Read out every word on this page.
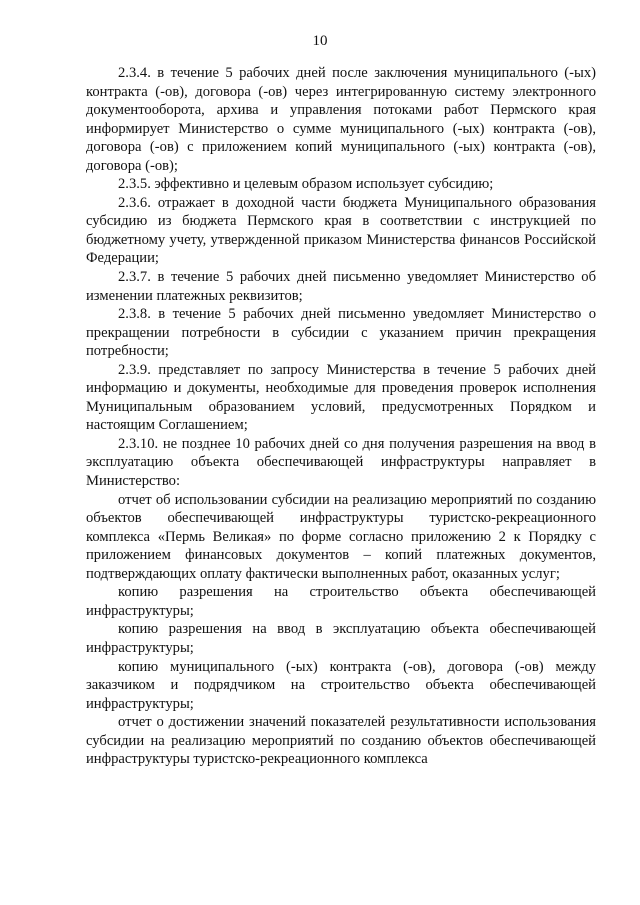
10

2.3.4. в течение 5 рабочих дней после заключения муниципального (-ых) контракта (-ов), договора (-ов) через интегрированную систему электронного документооборота, архива и управления потоками работ Пермского края информирует Министерство о сумме муниципального (-ых) контракта (-ов), договора (-ов) с приложением копий муниципального (-ых) контракта (-ов), договора (-ов);

2.3.5. эффективно и целевым образом использует субсидию;

2.3.6. отражает в доходной части бюджета Муниципального образования субсидию из бюджета Пермского края в соответствии с инструкцией по бюджетному учету, утвержденной приказом Министерства финансов Российской Федерации;

2.3.7. в течение 5 рабочих дней письменно уведомляет Министерство об изменении платежных реквизитов;

2.3.8. в течение 5 рабочих дней письменно уведомляет Министерство о прекращении потребности в субсидии с указанием причин прекращения потребности;

2.3.9. представляет по запросу Министерства в течение 5 рабочих дней информацию и документы, необходимые для проведения проверок исполнения Муниципальным образованием условий, предусмотренных Порядком и настоящим Соглашением;

2.3.10. не позднее 10 рабочих дней со дня получения разрешения на ввод в эксплуатацию объекта обеспечивающей инфраструктуры направляет в Министерство:

отчет об использовании субсидии на реализацию мероприятий по созданию объектов обеспечивающей инфраструктуры туристско-рекреационного комплекса «Пермь Великая» по форме согласно приложению 2 к Порядку с приложением финансовых документов – копий платежных документов, подтверждающих оплату фактически выполненных работ, оказанных услуг;

копию разрешения на строительство объекта обеспечивающей инфраструктуры;

копию разрешения на ввод в эксплуатацию объекта обеспечивающей инфраструктуры;

копию муниципального (-ых) контракта (-ов), договора (-ов) между заказчиком и подрядчиком на строительство объекта обеспечивающей инфраструктуры;

отчет о достижении значений показателей результативности использования субсидии на реализацию мероприятий по созданию объектов обеспечивающей инфраструктуры туристско-рекреационного комплекса
